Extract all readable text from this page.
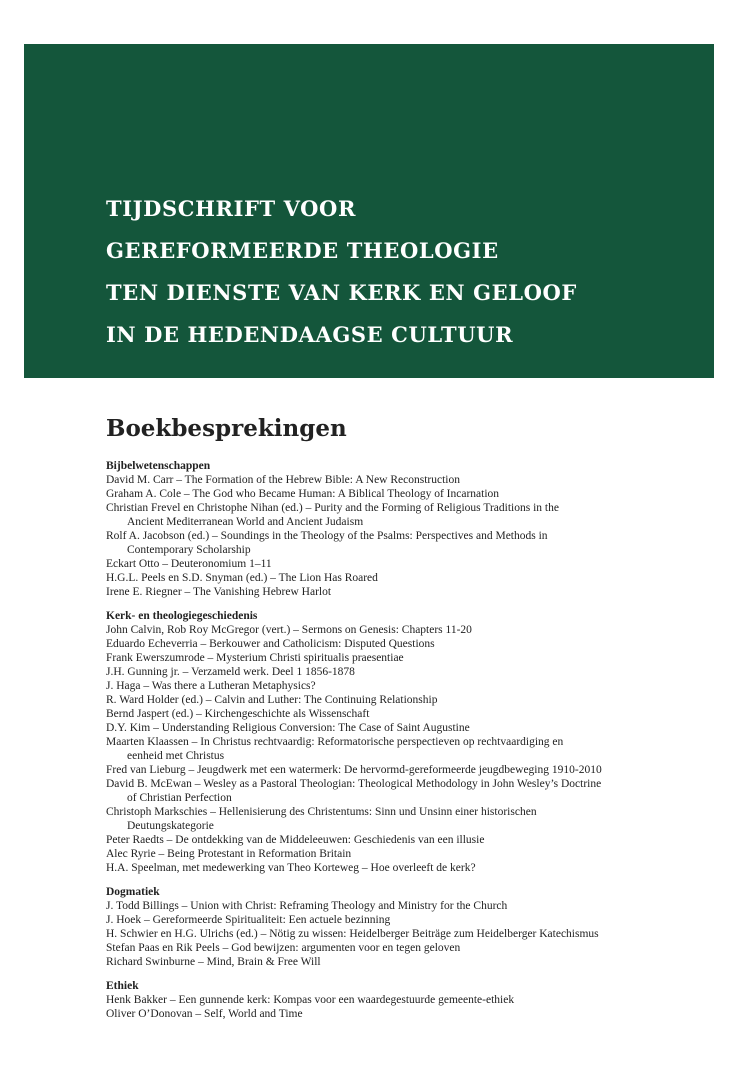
TIJDSCHRIFT VOOR
GEREFORMEERDE THEOLOGIE
TEN DIENSTE VAN KERK EN GELOOF
IN DE HEDENDAAGSE CULTUUR
Boekbesprekingen

Bijbelwetenschappen

David M. Carr – The Formation of the Hebrew Bible: A New Reconstruction

Graham A. Cole – The God who Became Human: A Biblical Theology of Incarnation

Christian Frevel en Christophe Nihan (ed.) – Purity and the Forming of Religious Traditions in the
Ancient Mediterranean World and Ancient Judaism

Rolf A. Jacobson (ed.) – Soundings in the Theology of the Psalms: Perspectives and Methods in
Contemporary Scholarship

Eckart Otto – Deuteronomium 1–11

H.G.L. Peels en S.D. Snyman (ed.) – The Lion Has Roared

Irene E. Riegner – The Vanishing Hebrew Harlot

Kerk- en theologiegeschiedenis

John Calvin, Rob Roy McGregor (vert.) – Sermons on Genesis: Chapters 11-20

Eduardo Echeverria – Berkouwer and Catholicism: Disputed Questions

Frank Ewerszumrode – Mysterium Christi spiritualis praesentiae

J.H. Gunning jr. – Verzameld werk. Deel 1 1856-1878

J. Haga – Was there a Lutheran Metaphysics?

R. Ward Holder (ed.) – Calvin and Luther: The Continuing Relationship

Bernd Jaspert (ed.) – Kirchengeschichte als Wissenschaft

D.Y. Kim – Understanding Religious Conversion: The Case of Saint Augustine

Maarten Klaassen – In Christus rechtvaardig: Reformatorische perspectieven op rechtvaardiging en
eenheid met Christus

Fred van Lieburg – Jeugdwerk met een watermerk: De hervormd-gereformeerde jeugdbeweging 1910-2010

David B. McEwan – Wesley as a Pastoral Theologian: Theological Methodology in John Wesley’s Doctrine
of Christian Perfection

Christoph Markschies – Hellenisierung des Christentums: Sinn und Unsinn einer historischen
Deutungskategorie

Peter Raedts – De ontdekking van de Middeleeuwen: Geschiedenis van een illusie

Alec Ryrie – Being Protestant in Reformation Britain

H.A. Speelman, met medewerking van Theo Korteweg – Hoe overleeft de kerk?

Dogmatiek

J. Todd Billings – Union with Christ: Reframing Theology and Ministry for the Church

J. Hoek – Gereformeerde Spiritualiteit: Een actuele bezinning

H. Schwier en H.G. Ulrichs (ed.) – Nötig zu wissen: Heidelberger Beiträge zum Heidelberger Katechismus

Stefan Paas en Rik Peels – God bewijzen: argumenten voor en tegen geloven

Richard Swinburne – Mind, Brain & Free Will

Ethiek

Henk Bakker – Een gunnende kerk: Kompas voor een waardegestuurde gemeente-ethiek

Oliver O’Donovan – Self, World and Time
